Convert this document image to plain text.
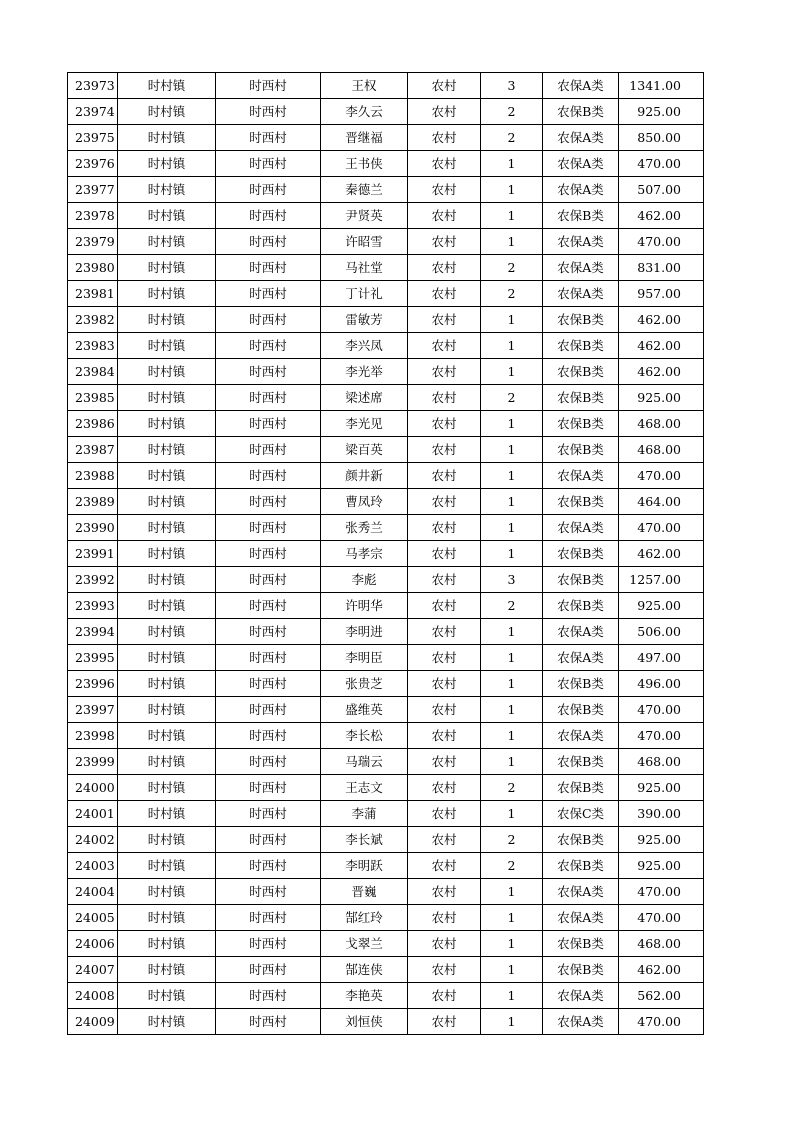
23973	时村镇	时西村	王权	农村	3	农保A类	1341.00
23974	时村镇	时西村	李久云	农村	2	农保B类	925.00
23975	时村镇	时西村	晋继福	农村	2	农保A类	850.00
23976	时村镇	时西村	王书侠	农村	1	农保A类	470.00
23977	时村镇	时西村	秦德兰	农村	1	农保A类	507.00
23978	时村镇	时西村	尹贤英	农村	1	农保B类	462.00
23979	时村镇	时西村	许昭雪	农村	1	农保A类	470.00
23980	时村镇	时西村	马社堂	农村	2	农保A类	831.00
23981	时村镇	时西村	丁计礼	农村	2	农保A类	957.00
23982	时村镇	时西村	雷敏芳	农村	1	农保B类	462.00
23983	时村镇	时西村	李兴凤	农村	1	农保B类	462.00
23984	时村镇	时西村	李光举	农村	1	农保B类	462.00
23985	时村镇	时西村	梁述席	农村	2	农保B类	925.00
23986	时村镇	时西村	李光见	农村	1	农保B类	468.00
23987	时村镇	时西村	梁百英	农村	1	农保B类	468.00
23988	时村镇	时西村	颜井新	农村	1	农保A类	470.00
23989	时村镇	时西村	曹凤玲	农村	1	农保B类	464.00
23990	时村镇	时西村	张秀兰	农村	1	农保A类	470.00
23991	时村镇	时西村	马孝宗	农村	1	农保B类	462.00
23992	时村镇	时西村	李彪	农村	3	农保B类	1257.00
23993	时村镇	时西村	许明华	农村	2	农保B类	925.00
23994	时村镇	时西村	李明进	农村	1	农保A类	506.00
23995	时村镇	时西村	李明臣	农村	1	农保A类	497.00
23996	时村镇	时西村	张贵芝	农村	1	农保B类	496.00
23997	时村镇	时西村	盛维英	农村	1	农保B类	470.00
23998	时村镇	时西村	李长松	农村	1	农保A类	470.00
23999	时村镇	时西村	马瑞云	农村	1	农保B类	468.00
24000	时村镇	时西村	王志文	农村	2	农保B类	925.00
24001	时村镇	时西村	李蒲	农村	1	农保C类	390.00
24002	时村镇	时西村	李长斌	农村	2	农保B类	925.00
24003	时村镇	时西村	李明跃	农村	2	农保B类	925.00
24004	时村镇	时西村	晋巍	农村	1	农保A类	470.00
24005	时村镇	时西村	郜红玲	农村	1	农保A类	470.00
24006	时村镇	时西村	戈翠兰	农村	1	农保B类	468.00
24007	时村镇	时西村	郜连侠	农村	1	农保B类	462.00
24008	时村镇	时西村	李艳英	农村	1	农保A类	562.00
24009	时村镇	时西村	刘恒侠	农村	1	农保A类	470.00
